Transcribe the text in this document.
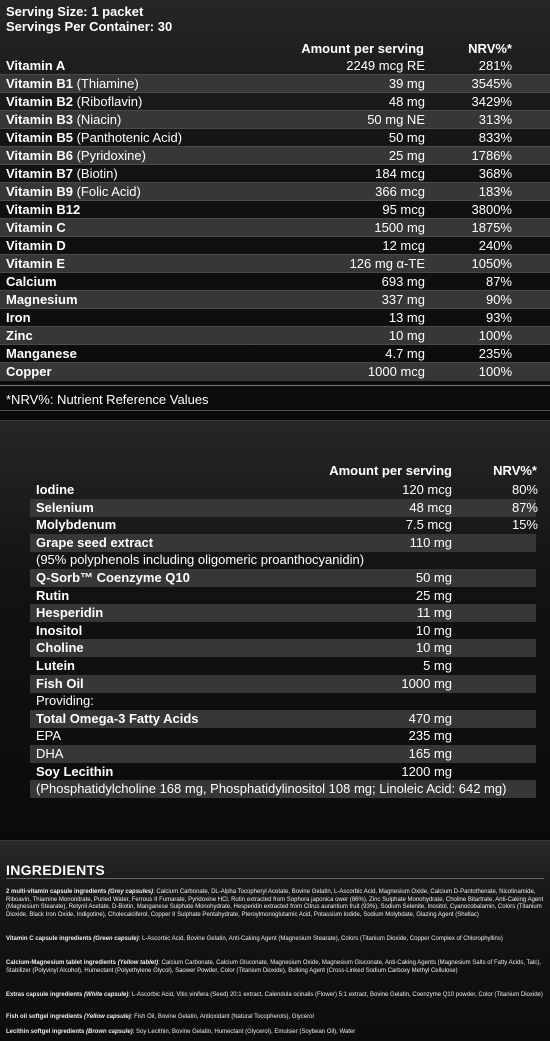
Serving Size: 1 packet
Servings Per Container: 30
Amount per serving	NRV%*
Vitamin A	2249 mcg RE	281%
Vitamin B1 (Thiamine)	39 mg	3545%
Vitamin B2 (Riboflavin)	48 mg	3429%
Vitamin B3 (Niacin)	50 mg NE	313%
Vitamin B5 (Panthotenic Acid)	50 mg	833%
Vitamin B6 (Pyridoxine)	25 mg	1786%
Vitamin B7 (Biotin)	184 mcg	368%
Vitamin B9 (Folic Acid)	366 mcg	183%
Vitamin B12	95 mcg	3800%
Vitamin C	1500 mg	1875%
Vitamin D	12 mcg	240%
Vitamin E	126 mg α-TE	1050%
Calcium	693 mg	87%
Magnesium	337 mg	90%
Iron	13 mg	93%
Zinc	10 mg	100%
Manganese	4.7 mg	235%
Copper	1000 mcg	100%
*NRV%: Nutrient Reference Values
Amount per serving	NRV%*
Iodine	120 mcg	80%
Selenium	48 mcg	87%
Molybdenum	7.5 mcg	15%
Grape seed extract	110 mg
(95% polyphenols including oligomeric proanthocyanidin)
Q-Sorb™ Coenzyme Q10	50 mg
Rutin	25 mg
Hesperidin	11 mg
Inositol	10 mg
Choline	10 mg
Lutein	5 mg
Fish Oil	1000 mg
Providing:
Total Omega-3 Fatty Acids	470 mg
EPA	235 mg
DHA	165 mg
Soy Lecithin	1200 mg
(Phosphatidylcholine 168 mg, Phosphatidylinositol 108 mg; Linoleic Acid: 642 mg)
INGREDIENTS
2 multi-vitamin capsule ingredients (Grey capsules): Calcium Carbonate, DL-Alpha Tocopheryl Acetate, Bovine Gelatin, L-Ascorbic Acid, Magnesium Oxide, Calcium D-Pantothenate, Nicotinamide, Riboavin, Thiamine Mononitrate, Puried Water, Ferrous II Fumarate, Pyridoxine HCl, Rutin extracted from Sophora japonica ower (86%), Zinc Sulphate Monohydrate, Choline Bitartrate, Anti-Caking Agent (Magnesium Stearate), Retynil Acetate, D-Biotin, Manganese Sulphate Monohydrate, Hesperidin extracted from Citrus aurantium fruit (93%), Sodium Selenite, Inositol, Cyanocobalamin, Colors (Titanium Dioxide, Black Iron Oxide, Indigotine), Cholecalciferol, Copper II Sulphate Pentahydrate, Pteroylmonoglutamic Acid, Potassium Iodide, Sodium Molybdate, Glazing Agent (Shellac)
Vitamin C capsule ingredients (Green capsule): L-Ascorbic Acid, Bovine Gelatin, Anti-Caking Agent (Magnesium Stearate), Colors (Titanium Dioxide, Copper Complex of Chlorophyllins)
Calcium-Magnesium tablet ingredients (Yellow tablet): Calcium Carbonate, Calcium Gluconate, Magnesium Oxide, Magnesium Gluconate, Anti-Caking Agents (Magnesium Salts of Fatty Acids, Talc), Stabilizer (Polyvinyl Alcohol), Humectant (Polyethylene Glycol), Saower Powder, Color (Titanium Dioxide), Bulking Agent (Cross-Linked Sodium Carboxy Methyl Cellulose)
Extras capsule ingredients (White capsule): L-Ascorbic Acid, Vitis vinifera (Seed) 20:1 extract, Calendula ocinalis (Flower) 5:1 extract, Bovine Gelatin, Coenzyme Q10 powder, Color (Titanium Dioxide)
Fish oil softgel ingredients (Yellow capsule): Fish Oil, Bovine Gelatin, Antioxidant (Natural Tocopherols), Glycerol
Lecithin softgel ingredients (Brown capsule): Soy Lecithin, Bovine Gelatin, Humectant (Glycerol), Emulsier (Soybean Oil), Water
